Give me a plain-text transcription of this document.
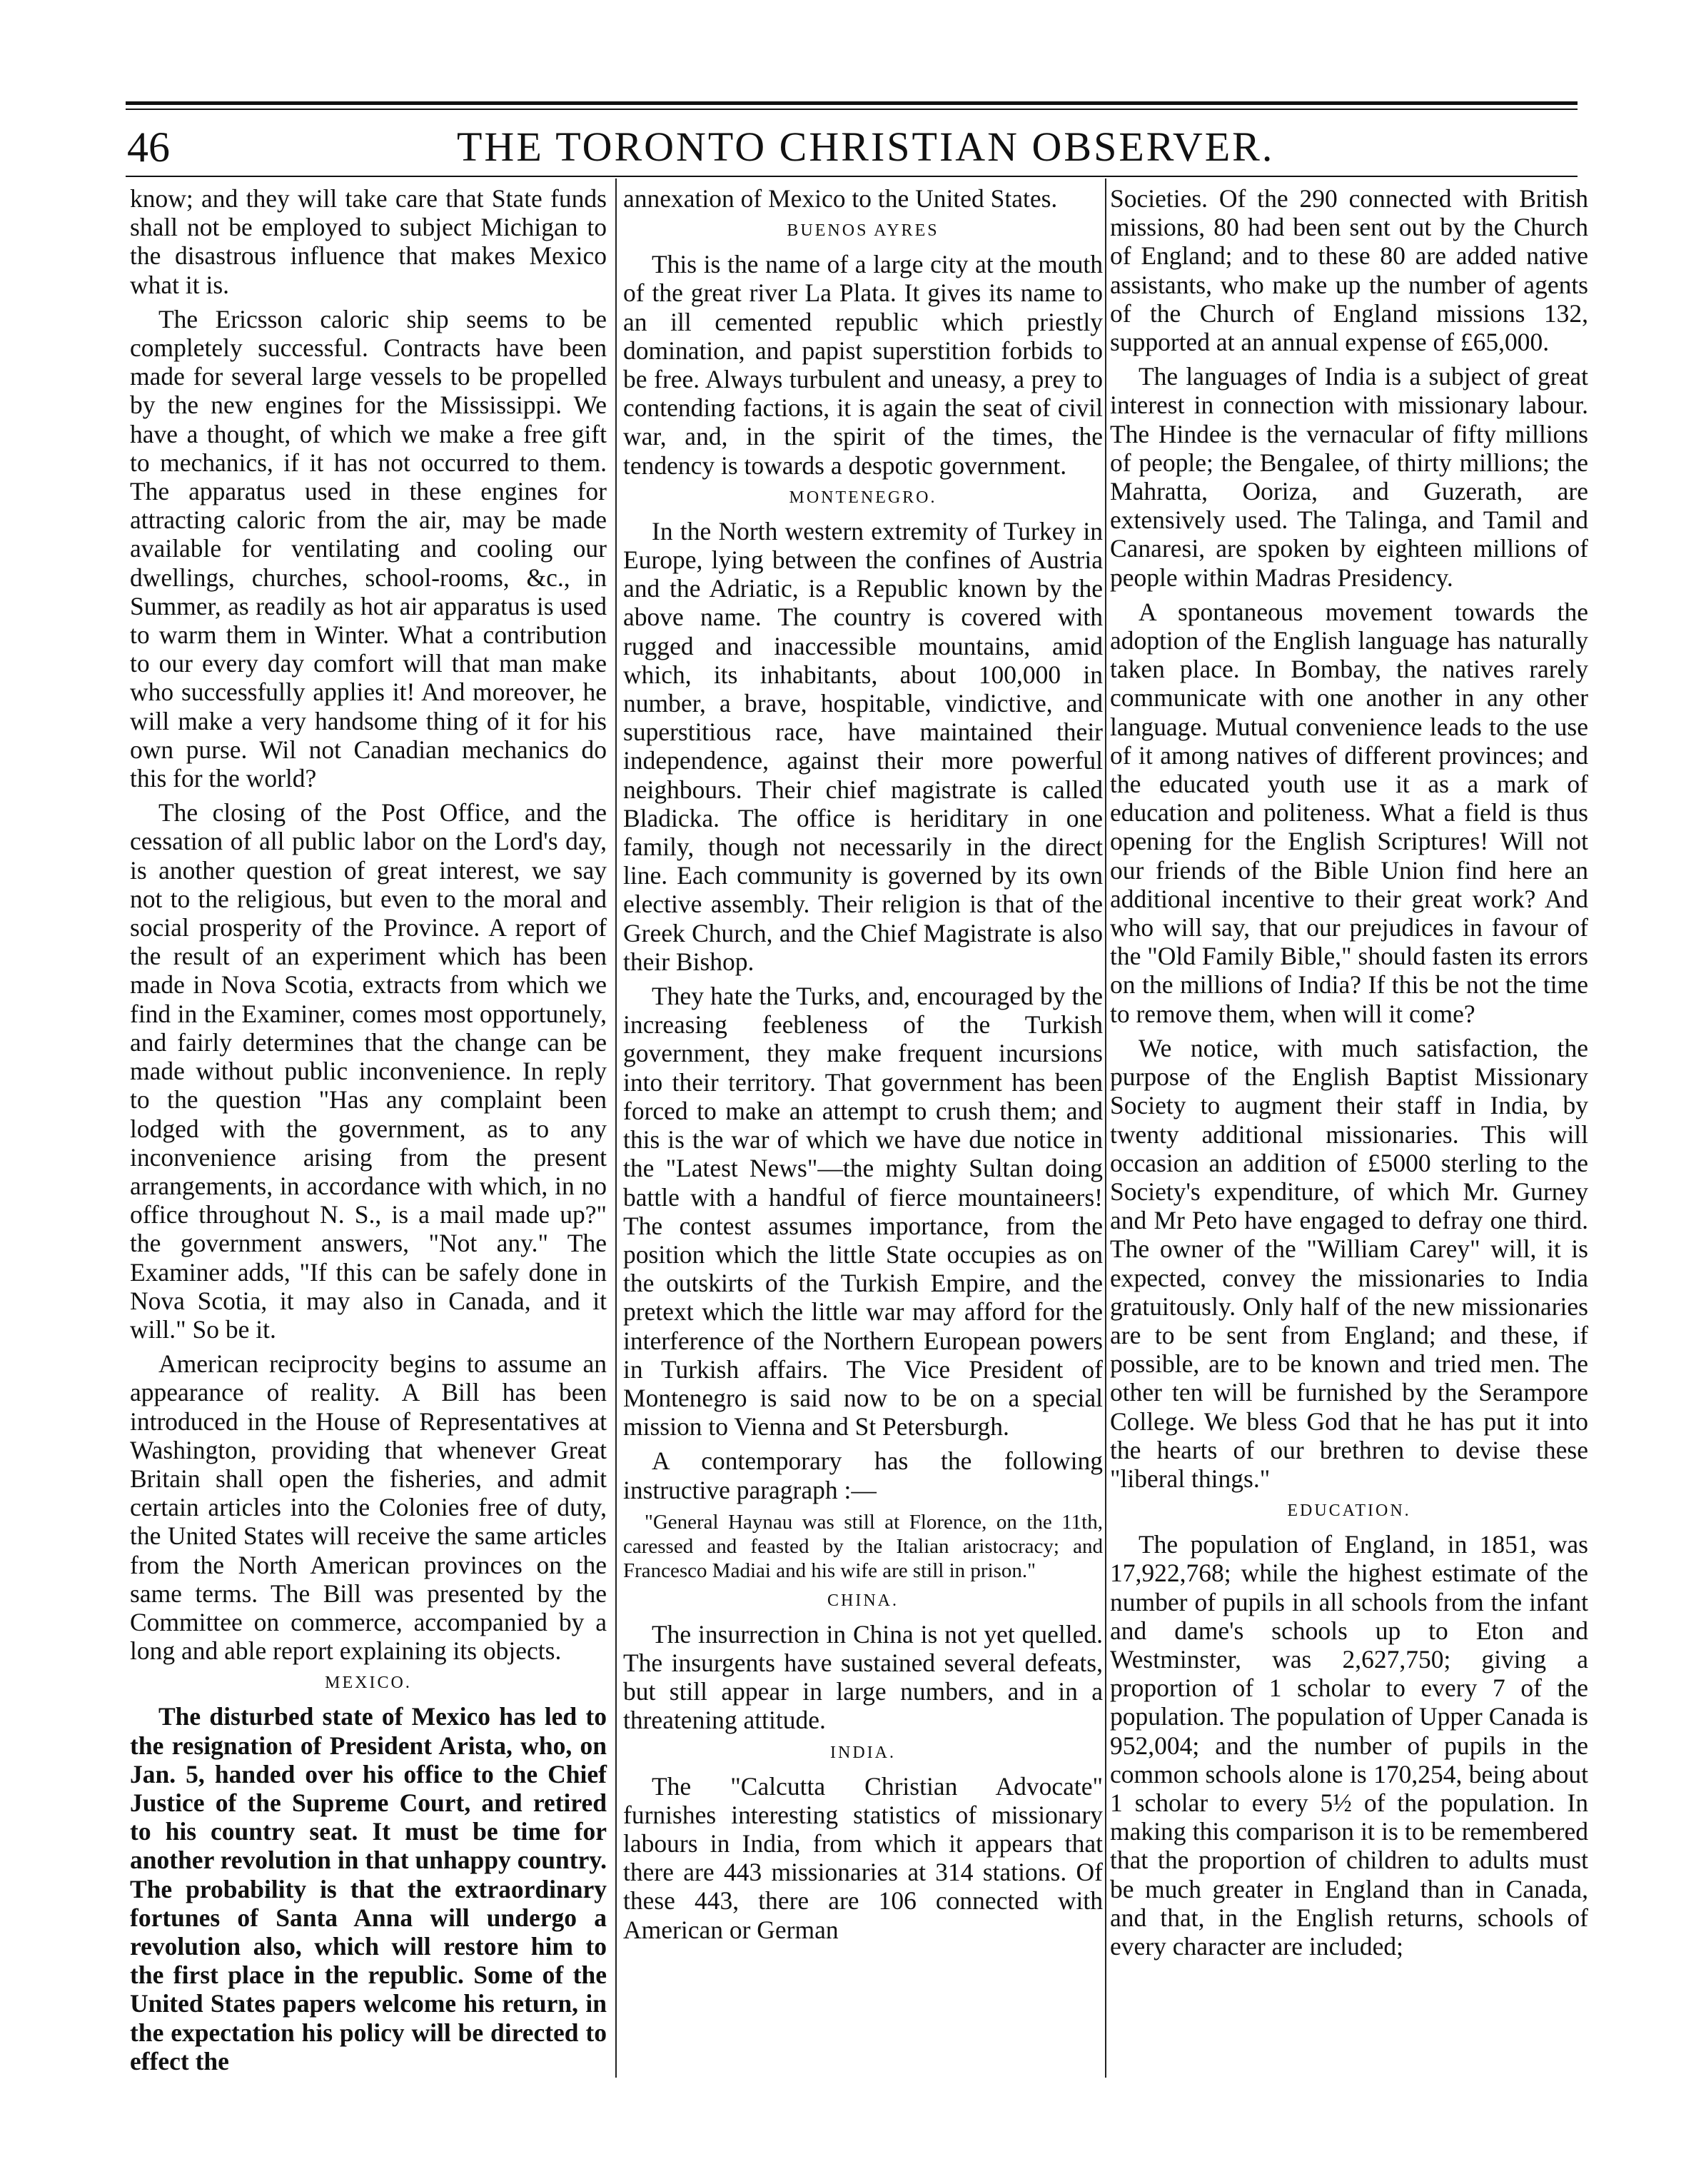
46	THE TORONTO CHRISTIAN OBSERVER.

know; and they will take care that State funds shall not be employed to subject Michigan to the disastrous influence that makes Mexico what it is.

The Ericsson caloric ship seems to be completely successful. Contracts have been made for several large vessels to be propelled by the new engines for the Mississippi. We have a thought, of which we make a free gift to mechanics, if it has not occurred to them. The apparatus used in these engines for attracting caloric from the air, may be made available for ventilating and cooling our dwellings, churches, school-rooms, &c., in Summer, as readily as hot air apparatus is used to warm them in Winter. What a contribution to our every day comfort will that man make who successfully applies it! And moreover, he will make a very handsome thing of it for his own purse. Wil not Canadian mechanics do this for the world?

The closing of the Post Office, and the cessation of all public labor on the Lord's day, is another question of great interest, we say not to the religious, but even to the moral and social prosperity of the Province. A report of the result of an experiment which has been made in Nova Scotia, extracts from which we find in the Examiner, comes most opportunely, and fairly determines that the change can be made without public inconvenience. In reply to the question "Has any complaint been lodged with the government, as to any inconvenience arising from the present arrangements, in accordance with which, in no office throughout N. S., is a mail made up?" the government answers, "Not any." The Examiner adds, "If this can be safely done in Nova Scotia, it may also in Canada, and it will." So be it.

American reciprocity begins to assume an appearance of reality. A Bill has been introduced in the House of Representatives at Washington, providing that whenever Great Britain shall open the fisheries, and admit certain articles into the Colonies free of duty, the United States will receive the same articles from the North American provinces on the same terms. The Bill was presented by the Committee on commerce, accompanied by a long and able report explaining its objects.

MEXICO.

The disturbed state of Mexico has led to the resignation of President Arista, who, on Jan. 5, handed over his office to the Chief Justice of the Supreme Court, and retired to his country seat. It must be time for another revolution in that unhappy country. The probability is that the extraordinary fortunes of Santa Anna will undergo a revolution also, which will restore him to the first place in the republic. Some of the United States papers welcome his return, in the expectation his policy will be directed to effect the

annexation of Mexico to the United States.

BUENOS AYRES

This is the name of a large city at the mouth of the great river La Plata. It gives its name to an ill cemented republic which priestly domination, and papist superstition forbids to be free. Always turbulent and uneasy, a prey to contending factions, it is again the seat of civil war, and, in the spirit of the times, the tendency is towards a despotic government.

MONTENEGRO.

In the North western extremity of Turkey in Europe, lying between the confines of Austria and the Adriatic, is a Republic known by the above name. The country is covered with rugged and inaccessible mountains, amid which, its inhabitants, about 100,000 in number, a brave, hospitable, vindictive, and superstitious race, have maintained their independence, against their more powerful neighbours. Their chief magistrate is called Bladicka. The office is heriditary in one family, though not necessarily in the direct line. Each community is governed by its own elective assembly. Their religion is that of the Greek Church, and the Chief Magistrate is also their Bishop.

They hate the Turks, and, encouraged by the increasing feebleness of the Turkish government, they make frequent incursions into their territory. That government has been forced to make an attempt to crush them; and this is the war of which we have due notice in the "Latest News"—the mighty Sultan doing battle with a handful of fierce mountaineers! The contest assumes importance, from the position which the little State occupies as on the outskirts of the Turkish Empire, and the pretext which the little war may afford for the interference of the Northern European powers in Turkish affairs. The Vice President of Montenegro is said now to be on a special mission to Vienna and St Petersburgh.

A contemporary has the following instructive paragraph :—

"General Haynau was still at Florence, on the 11th, caressed and feasted by the Italian aristocracy; and Francesco Madiai and his wife are still in prison."
CHINA.

The insurrection in China is not yet quelled. The insurgents have sustained several defeats, but still appear in large numbers, and in a threatening attitude.

INDIA.

The "Calcutta Christian Advocate" furnishes interesting statistics of missionary labours in India, from which it appears that there are 443 missionaries at 314 stations. Of these 443, there are 106 connected with American or German

Societies. Of the 290 connected with British missions, 80 had been sent out by the Church of England; and to these 80 are added native assistants, who make up the number of agents of the Church of England missions 132, supported at an annual expense of £65,000.

The languages of India is a subject of great interest in connection with missionary labour. The Hindee is the vernacular of fifty millions of people; the Bengalee, of thirty millions; the Mahratta, Ooriza, and Guzerath, are extensively used. The Talinga, and Tamil and Canaresi, are spoken by eighteen millions of people within Madras Presidency.

A spontaneous movement towards the adoption of the English language has naturally taken place. In Bombay, the natives rarely communicate with one another in any other language. Mutual convenience leads to the use of it among natives of different provinces; and the educated youth use it as a mark of education and politeness. What a field is thus opening for the English Scriptures! Will not our friends of the Bible Union find here an additional incentive to their great work? And who will say, that our prejudices in favour of the "Old Family Bible," should fasten its errors on the millions of India? If this be not the time to remove them, when will it come?

We notice, with much satisfaction, the purpose of the English Baptist Missionary Society to augment their staff in India, by twenty additional missionaries. This will occasion an addition of £5000 sterling to the Society's expenditure, of which Mr. Gurney and Mr Peto have engaged to defray one third. The owner of the "William Carey" will, it is expected, convey the missionaries to India gratuitously. Only half of the new missionaries are to be sent from England; and these, if possible, are to be known and tried men. The other ten will be furnished by the Serampore College. We bless God that he has put it into the hearts of our brethren to devise these "liberal things."

EDUCATION.

The population of England, in 1851, was 17,922,768; while the highest estimate of the number of pupils in all schools from the infant and dame's schools up to Eton and Westminster, was 2,627,750; giving a proportion of 1 scholar to every 7 of the population. The population of Upper Canada is 952,004; and the number of pupils in the common schools alone is 170,254, being about 1 scholar to every 5½ of the population. In making this comparison it is to be remembered that the proportion of children to adults must be much greater in England than in Canada, and that, in the English returns, schools of every character are included;
